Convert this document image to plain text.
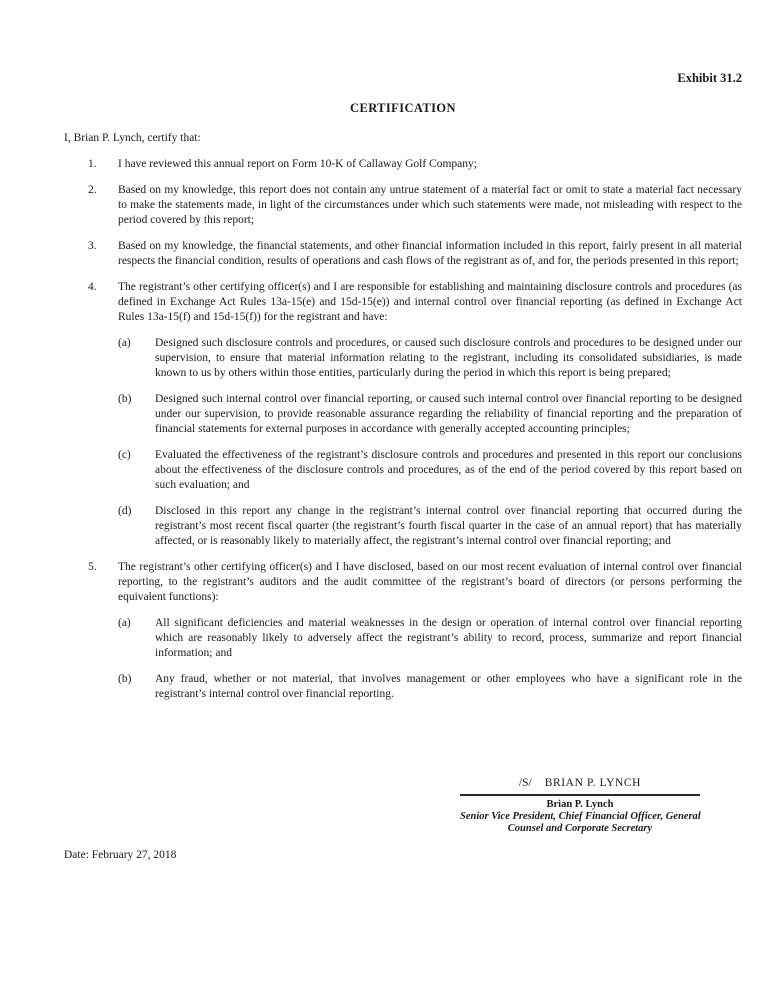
Exhibit 31.2
CERTIFICATION
I, Brian P. Lynch, certify that:
1.	I have reviewed this annual report on Form 10-K of Callaway Golf Company;
2.	Based on my knowledge, this report does not contain any untrue statement of a material fact or omit to state a material fact necessary to make the statements made, in light of the circumstances under which such statements were made, not misleading with respect to the period covered by this report;
3.	Based on my knowledge, the financial statements, and other financial information included in this report, fairly present in all material respects the financial condition, results of operations and cash flows of the registrant as of, and for, the periods presented in this report;
4.	The registrant’s other certifying officer(s) and I are responsible for establishing and maintaining disclosure controls and procedures (as defined in Exchange Act Rules 13a-15(e) and 15d-15(e)) and internal control over financial reporting (as defined in Exchange Act Rules 13a-15(f) and 15d-15(f)) for the registrant and have:
(a)	Designed such disclosure controls and procedures, or caused such disclosure controls and procedures to be designed under our supervision, to ensure that material information relating to the registrant, including its consolidated subsidiaries, is made known to us by others within those entities, particularly during the period in which this report is being prepared;
(b)	Designed such internal control over financial reporting, or caused such internal control over financial reporting to be designed under our supervision, to provide reasonable assurance regarding the reliability of financial reporting and the preparation of financial statements for external purposes in accordance with generally accepted accounting principles;
(c)	Evaluated the effectiveness of the registrant’s disclosure controls and procedures and presented in this report our conclusions about the effectiveness of the disclosure controls and procedures, as of the end of the period covered by this report based on such evaluation; and
(d)	Disclosed in this report any change in the registrant’s internal control over financial reporting that occurred during the registrant’s most recent fiscal quarter (the registrant’s fourth fiscal quarter in the case of an annual report) that has materially affected, or is reasonably likely to materially affect, the registrant’s internal control over financial reporting; and
5.	The registrant’s other certifying officer(s) and I have disclosed, based on our most recent evaluation of internal control over financial reporting, to the registrant’s auditors and the audit committee of the registrant’s board of directors (or persons performing the equivalent functions):
(a)	All significant deficiencies and material weaknesses in the design or operation of internal control over financial reporting which are reasonably likely to adversely affect the registrant’s ability to record, process, summarize and report financial information; and
(b)	Any fraud, whether or not material, that involves management or other employees who have a significant role in the registrant’s internal control over financial reporting.
/S/ BRIAN P. LYNCH
Brian P. Lynch
Senior Vice President, Chief Financial Officer, General
Counsel and Corporate Secretary
Date: February 27, 2018
